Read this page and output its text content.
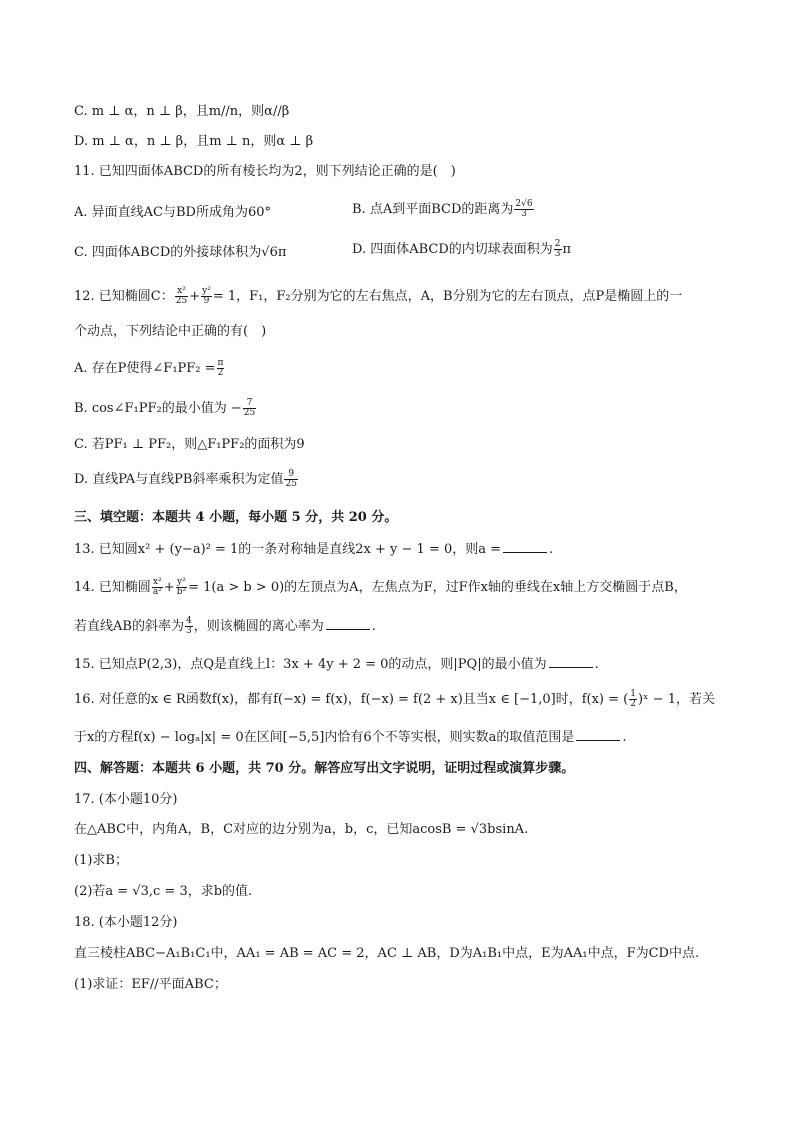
C. m ⊥ α，n ⊥ β，且m//n，则α//β
D. m ⊥ α，n ⊥ β，且m ⊥ n，则α ⊥ β
11. 已知四面体ABCD的所有棱长均为2，则下列结论正确的是(　)
A. 异面直线AC与BD所成角为60°	B. 点A到平面BCD的距离为 $\frac{2√6}{3}$
C. 四面体ABCD的外接球体积为√6π	D. 四面体ABCD的内切球表面积为 $\frac{2}{3}$ π
12. 已知椭圆C： $\frac{\text{x²}}{25} + \frac{\text{y²}}{9} = 1$，F₁，F₂分别为它的左右焦点，A，B分别为它的左右顶点，点P是椭圆上的一
个动点，下列结论中正确的有(　)
A. 存在P使得∠F₁PF₂ = $\frac{\pi}{2}$
B. cos∠F₁PF₂的最小值为 − $\frac{7}{25}$
C. 若PF₁ ⊥ PF₂，则△F₁PF₂的面积为9
D. 直线PA与直线PB斜率乘积为定值 $\frac{9}{25}$
三、填空题：本题共 4 小题，每小题 5 分，共 20 分。
13. 已知圆x² + (y−a)² = 1的一条对称轴是直线2x + y − 1 = 0，则a =	.
14. 已知椭圆 $\frac{\text{x²}}{\text{a²}} + \frac{\text{y²}}{\text{b²}} = 1(a > b > 0)$的左顶点为A，左焦点为F，过F作x轴的垂线在x轴上方交椭圆于点B，
若直线AB的斜率为 $\frac{4}{3}$ ，则该椭圆的离心率为	.
15. 已知点P(2,3)，点Q是直线上l：3x + 4y + 2 = 0的动点，则|PQ|的最小值为	.
16. 对任意的x ∈ R函数f(x)，都有f(−x) = f(x)，f(−x) = f(2 + x)且当x ∈ [−1,0]时，f(x) = ( $\frac{1}{2}$ )ˣ − 1，若关
于x的方程f(x) − logₐ|x| = 0在区间[−5,5]内恰有6个不等实根，则实数a的取值范围是	.
四、解答题：本题共 6 小题，共 70 分。解答应写出文字说明，证明过程或演算步骤。
17. (本小题10分)
在△ABC中，内角A，B，C对应的边分别为a，b，c，已知acosB = √3bsinA.
(1)求B；
(2)若a = √3,c = 3，求b的值.
18. (本小题12分)
直三棱柱ABC−A₁B₁C₁中，AA₁ = AB = AC = 2，AC ⊥ AB，D为A₁B₁中点，E为AA₁中点，F为CD中点.
(1)求证：EF//平面ABC；
